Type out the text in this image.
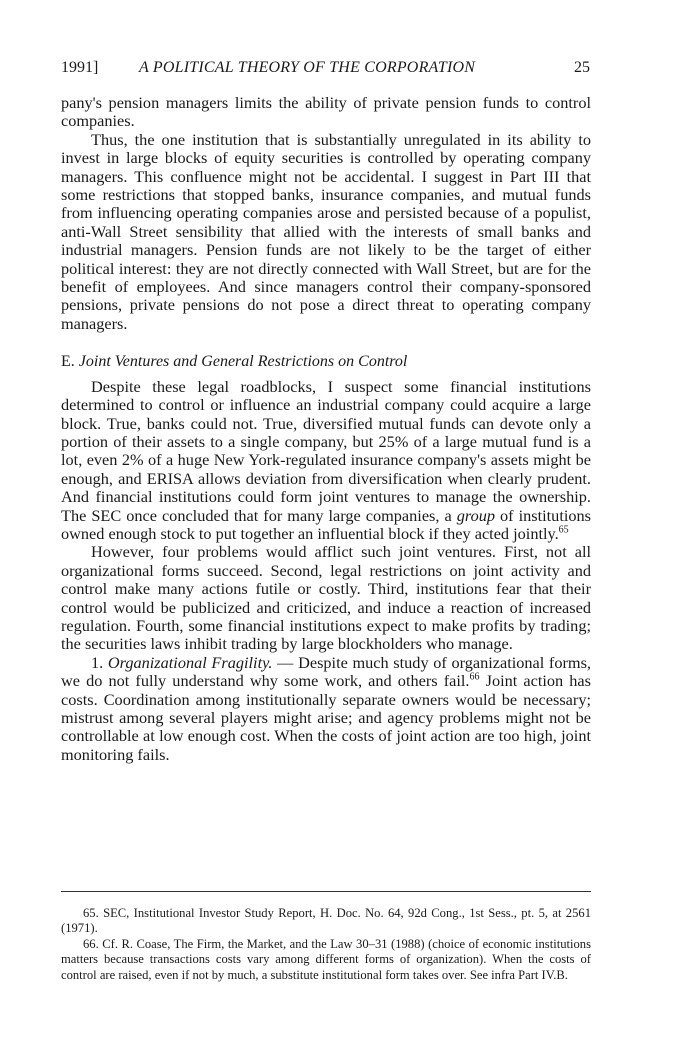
1991]	A POLITICAL THEORY OF THE CORPORATION	25

pany's pension managers limits the ability of private pension funds to control companies.

Thus, the one institution that is substantially unregulated in its ability to invest in large blocks of equity securities is controlled by operating company managers. This confluence might not be accidental. I suggest in Part III that some restrictions that stopped banks, insurance companies, and mutual funds from influencing operating companies arose and persisted because of a populist, anti-Wall Street sensibility that allied with the interests of small banks and industrial managers. Pension funds are not likely to be the target of either political interest: they are not directly connected with Wall Street, but are for the benefit of employees. And since managers control their company-sponsored pensions, private pensions do not pose a direct threat to operating company managers.

E. Joint Ventures and General Restrictions on Control

Despite these legal roadblocks, I suspect some financial institutions determined to control or influence an industrial company could acquire a large block. True, banks could not. True, diversified mutual funds can devote only a portion of their assets to a single company, but 25% of a large mutual fund is a lot, even 2% of a huge New York-regulated insurance company's assets might be enough, and ERISA allows deviation from diversification when clearly prudent. And financial institutions could form joint ventures to manage the ownership. The SEC once concluded that for many large companies, a group of institutions owned enough stock to put together an influential block if they acted jointly.$^{65}$

However, four problems would afflict such joint ventures. First, not all organizational forms succeed. Second, legal restrictions on joint activity and control make many actions futile or costly. Third, institutions fear that their control would be publicized and criticized, and induce a reaction of increased regulation. Fourth, some financial institutions expect to make profits by trading; the securities laws inhibit trading by large blockholders who manage.

1. Organizational Fragility. — Despite much study of organizational forms, we do not fully understand why some work, and others fail.$^{66}$ Joint action has costs. Coordination among institutionally separate owners would be necessary; mistrust among several players might arise; and agency problems might not be controllable at low enough cost. When the costs of joint action are too high, joint monitoring fails.

65. SEC, Institutional Investor Study Report, H. Doc. No. 64, 92d Cong., 1st Sess., pt. 5, at 2561 (1971).

66. Cf. R. Coase, The Firm, the Market, and the Law 30–31 (1988) (choice of economic institutions matters because transactions costs vary among different forms of organization). When the costs of control are raised, even if not by much, a substitute institutional form takes over. See infra Part IV.B.
